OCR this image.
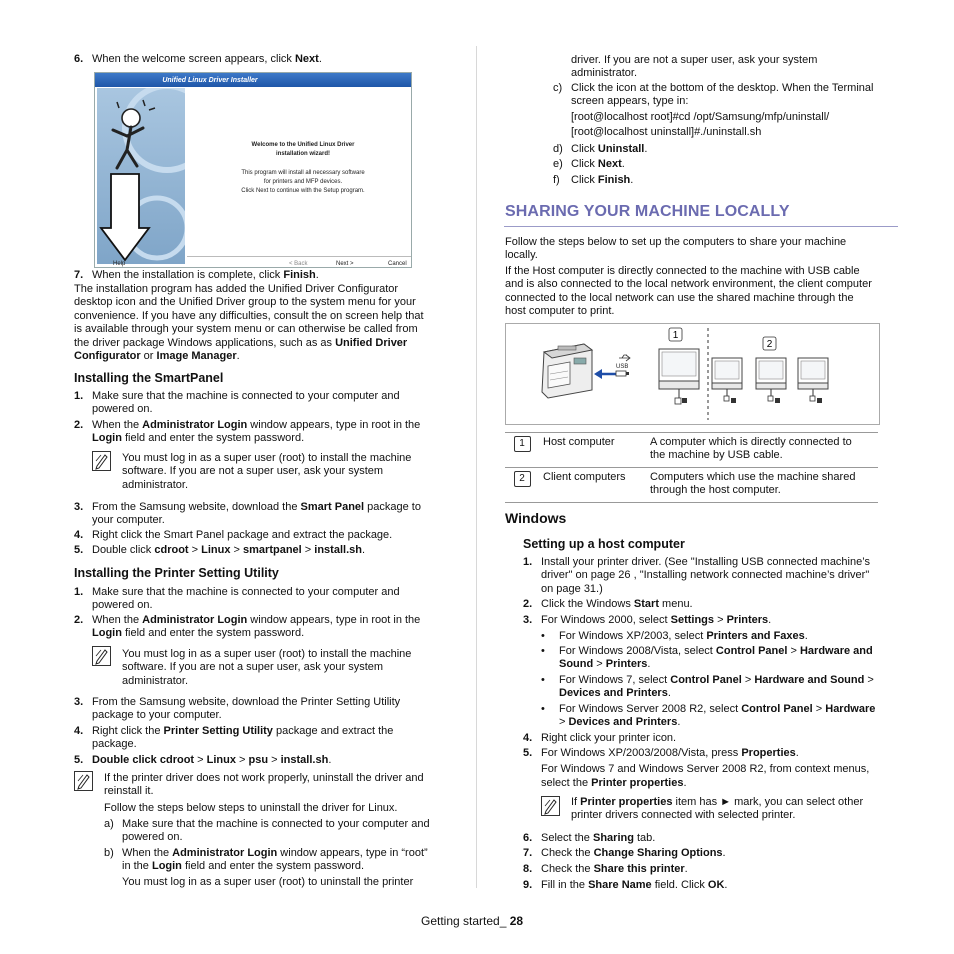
6. When the welcome screen appears, click Next.
Unified Linux Driver Installer
Welcome to the Unified Linux Driver
installation wizard!
This program will install all necessary software
for printers and MFP devices.
Click Next to continue with the Setup program.
Help	< Back	Next >	Cancel
7. When the installation is complete, click Finish.
The installation program has added the Unified Driver Configurator
desktop icon and the Unified Driver group to the system menu for your
convenience. If you have any difficulties, consult the on screen help that
is available through your system menu or can otherwise be called from
the driver package Windows applications, such as as Unified Driver
Configurator or Image Manager.
Installing the SmartPanel
1. Make sure that the machine is connected to your computer and
powered on.
2. When the Administrator Login window appears, type in root in the
Login field and enter the system password.
You must log in as a super user (root) to install the machine
software. If you are not a super user, ask your system
administrator.
3. From the Samsung website, download the Smart Panel package to
your computer.
4. Right click the Smart Panel package and extract the package.
5. Double click cdroot > Linux > smartpanel > install.sh.
Installing the Printer Setting Utility
1. Make sure that the machine is connected to your computer and
powered on.
2. When the Administrator Login window appears, type in root in the
Login field and enter the system password.
You must log in as a super user (root) to install the machine
software. If you are not a super user, ask your system
administrator.
3. From the Samsung website, download the Printer Setting Utility
package to your computer.
4. Right click the Printer Setting Utility package and extract the
package.
5. Double click cdroot > Linux > psu > install.sh.
If the printer driver does not work properly, uninstall the driver and
reinstall it.
Follow the steps below steps to uninstall the driver for Linux.
a) Make sure that the machine is connected to your computer and
powered on.
b) When the Administrator Login window appears, type in “root”
in the Login field and enter the system password.
You must log in as a super user (root) to uninstall the printer
driver. If you are not a super user, ask your system
administrator.
c) Click the icon at the bottom of the desktop. When the Terminal
screen appears, type in:
[root@localhost root]#cd /opt/Samsung/mfp/uninstall/
[root@localhost uninstall]#./uninstall.sh
d) Click Uninstall.
e) Click Next.
f) Click Finish.
SHARING YOUR MACHINE LOCALLY
Follow the steps below to set up the computers to share your machine
locally.
If the Host computer is directly connected to the machine with USB cable
and is also connected to the local network environment, the client computer
connected to the local network can use the shared machine through the
host computer to print.
USB
1
2
1	Host computer	A computer which is directly connected to
the machine by USB cable.

2	Client computers	Computers which use the machine shared
through the host computer.
Windows
Setting up a host computer
1. Install your printer driver. (See "Installing USB connected machine’s
driver" on page 26 , "Installing network connected machine’s driver"
on page 31.)
2. Click the Windows Start menu.
3. For Windows 2000, select Settings > Printers.
• For Windows XP/2003, select Printers and Faxes.
• For Windows 2008/Vista, select Control Panel > Hardware and
Sound > Printers.
• For Windows 7, select Control Panel > Hardware and Sound >
Devices and Printers.
• For Windows Server 2008 R2, select Control Panel > Hardware
> Devices and Printers.
4. Right click your printer icon.
5. For Windows XP/2003/2008/Vista, press Properties.
For Windows 7 and Windows Server 2008 R2, from context menus,
select the Printer properties.
If Printer properties item has ► mark, you can select other
printer drivers connected with selected printer.
6. Select the Sharing tab.
7. Check the Change Sharing Options.
8. Check the Share this printer.
9. Fill in the Share Name field. Click OK.
Getting started_ 28
